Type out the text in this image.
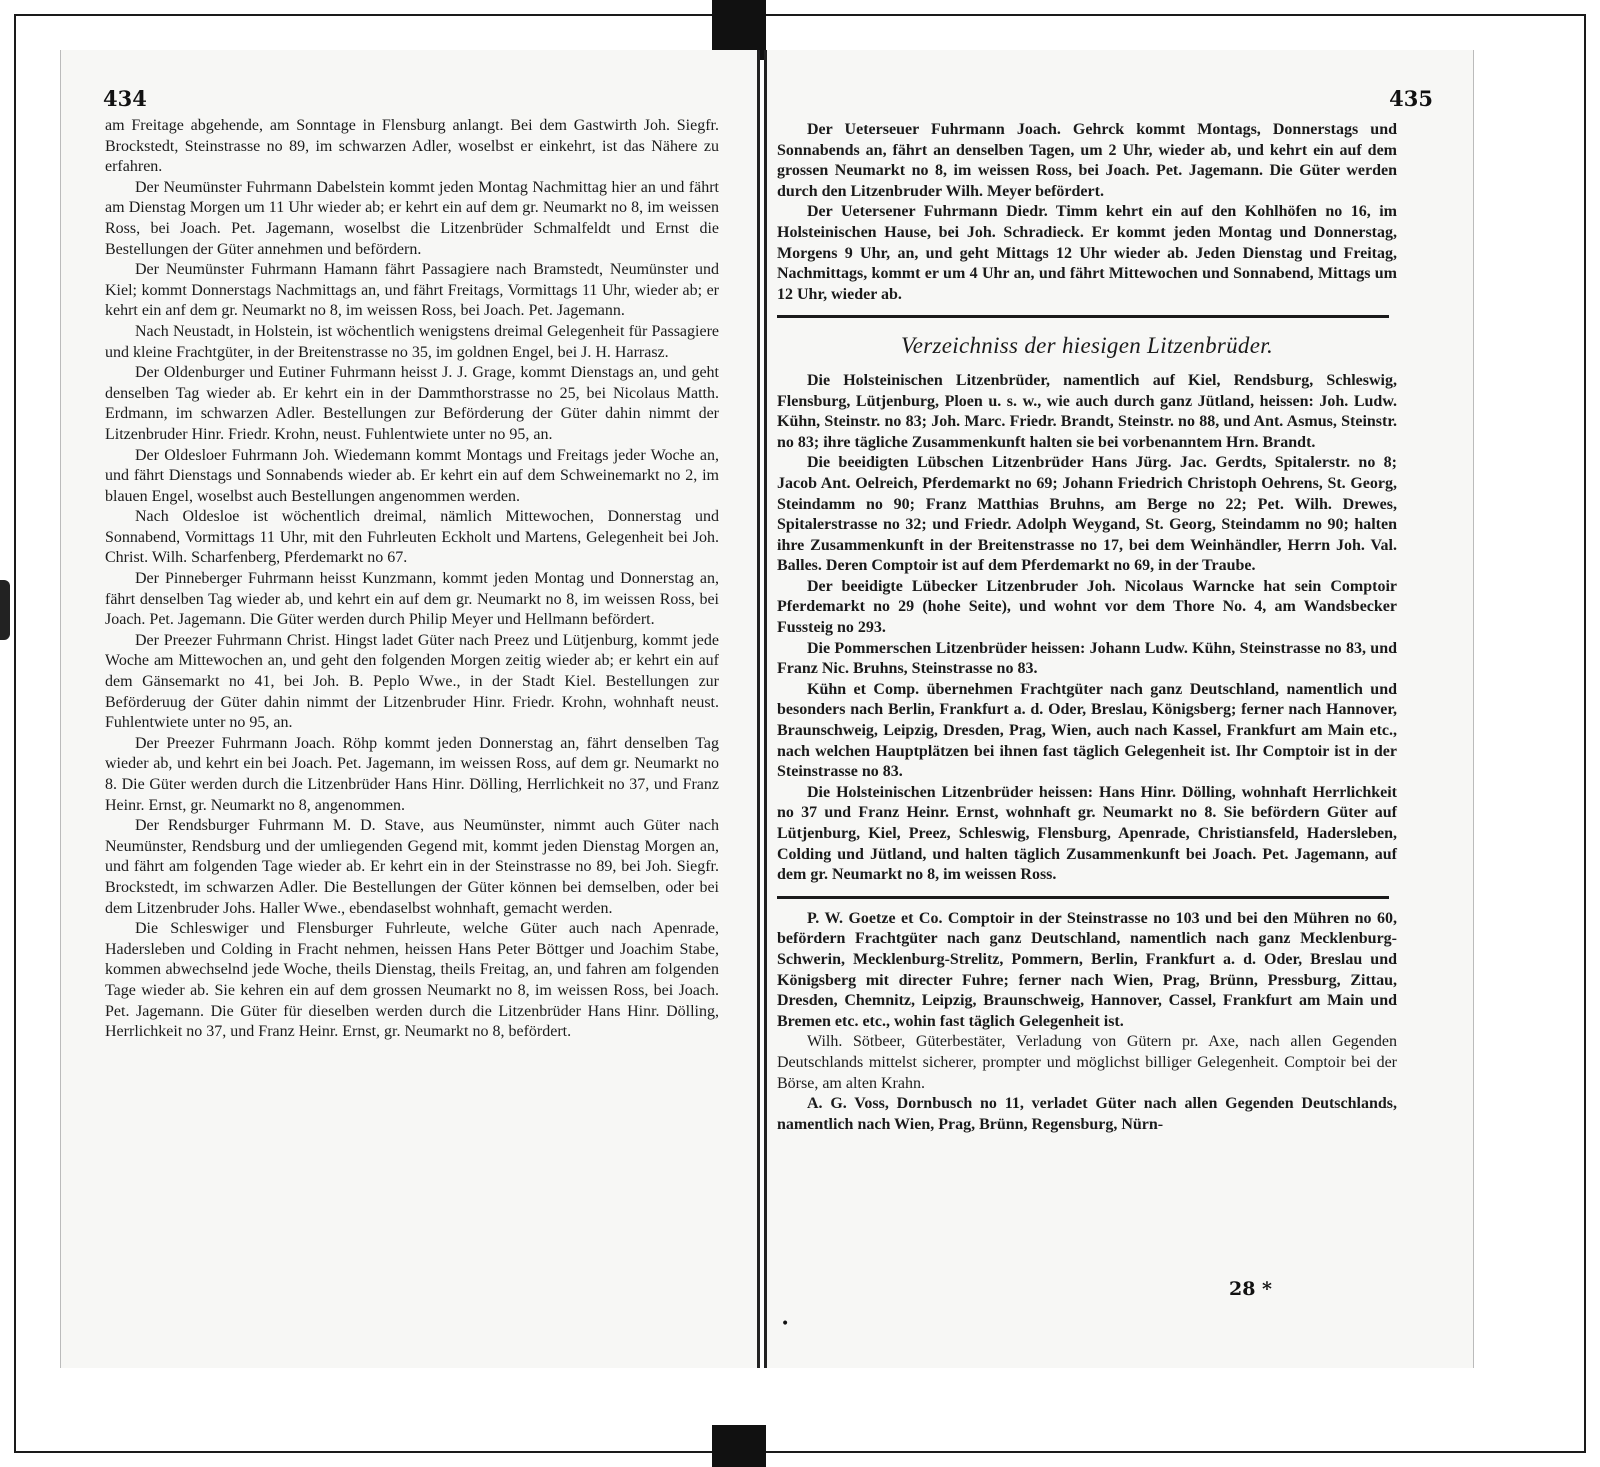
434

am Freitage abgehende, am Sonntage in Flensburg anlangt. Bei dem Gastwirth Joh. Siegfr. Brockstedt, Steinstrasse no 89, im schwarzen Adler, woselbst er einkehrt, ist das Nähere zu erfahren.

Der Neumünster Fuhrmann Dabelstein kommt jeden Montag Nachmittag hier an und fährt am Dienstag Morgen um 11 Uhr wieder ab; er kehrt ein auf dem gr. Neumarkt no 8, im weissen Ross, bei Joach. Pet. Jagemann, woselbst die Litzenbrüder Schmalfeldt und Ernst die Bestellungen der Güter annehmen und befördern.

Der Neumünster Fuhrmann Hamann fährt Passagiere nach Bramstedt, Neumünster und Kiel; kommt Donnerstags Nachmittags an, und fährt Freitags, Vormittags 11 Uhr, wieder ab; er kehrt ein anf dem gr. Neumarkt no 8, im weissen Ross, bei Joach. Pet. Jagemann.

Nach Neustadt, in Holstein, ist wöchentlich wenigstens dreimal Gelegenheit für Passagiere und kleine Frachtgüter, in der Breitenstrasse no 35, im goldnen Engel, bei J. H. Harrasz.

Der Oldenburger und Eutiner Fuhrmann heisst J. J. Grage, kommt Dienstags an, und geht denselben Tag wieder ab. Er kehrt ein in der Dammthorstrasse no 25, bei Nicolaus Matth. Erdmann, im schwarzen Adler. Bestellungen zur Beförderung der Güter dahin nimmt der Litzenbruder Hinr. Friedr. Krohn, neust. Fuhlentwiete unter no 95, an.

Der Oldesloer Fuhrmann Joh. Wiedemann kommt Montags und Freitags jeder Woche an, und fährt Dienstags und Sonnabends wieder ab. Er kehrt ein auf dem Schweinemarkt no 2, im blauen Engel, woselbst auch Bestellungen angenommen werden.

Nach Oldesloe ist wöchentlich dreimal, nämlich Mittewochen, Donnerstag und Sonnabend, Vormittags 11 Uhr, mit den Fuhrleuten Eckholt und Martens, Gelegenheit bei Joh. Christ. Wilh. Scharfenberg, Pferdemarkt no 67.

Der Pinneberger Fuhrmann heisst Kunzmann, kommt jeden Montag und Donnerstag an, fährt denselben Tag wieder ab, und kehrt ein auf dem gr. Neumarkt no 8, im weissen Ross, bei Joach. Pet. Jagemann. Die Güter werden durch Philip Meyer und Hellmann befördert.

Der Preezer Fuhrmann Christ. Hingst ladet Güter nach Preez und Lütjenburg, kommt jede Woche am Mittewochen an, und geht den folgenden Morgen zeitig wieder ab; er kehrt ein auf dem Gänsemarkt no 41, bei Joh. B. Peplo Wwe., in der Stadt Kiel. Bestellungen zur Beförderuug der Güter dahin nimmt der Litzenbruder Hinr. Friedr. Krohn, wohnhaft neust. Fuhlentwiete unter no 95, an.

Der Preezer Fuhrmann Joach. Röhp kommt jeden Donnerstag an, fährt denselben Tag wieder ab, und kehrt ein bei Joach. Pet. Jagemann, im weissen Ross, auf dem gr. Neumarkt no 8. Die Güter werden durch die Litzenbrüder Hans Hinr. Dölling, Herrlichkeit no 37, und Franz Heinr. Ernst, gr. Neumarkt no 8, angenommen.

Der Rendsburger Fuhrmann M. D. Stave, aus Neumünster, nimmt auch Güter nach Neumünster, Rendsburg und der umliegenden Gegend mit, kommt jeden Dienstag Morgen an, und fährt am folgenden Tage wieder ab. Er kehrt ein in der Steinstrasse no 89, bei Joh. Siegfr. Brockstedt, im schwarzen Adler. Die Bestellungen der Güter können bei demselben, oder bei dem Litzenbruder Johs. Haller Wwe., ebendaselbst wohnhaft, gemacht werden.

Die Schleswiger und Flensburger Fuhrleute, welche Güter auch nach Apenrade, Hadersleben und Colding in Fracht nehmen, heissen Hans Peter Böttger und Joachim Stabe, kommen abwechselnd jede Woche, theils Dienstag, theils Freitag, an, und fahren am folgenden Tage wieder ab. Sie kehren ein auf dem grossen Neumarkt no 8, im weissen Ross, bei Joach. Pet. Jagemann. Die Güter für dieselben werden durch die Litzenbrüder Hans Hinr. Dölling, Herrlichkeit no 37, und Franz Heinr. Ernst, gr. Neumarkt no 8, befördert.

435

Der Ueterseuer Fuhrmann Joach. Gehrck kommt Montags, Donnerstags und Sonnabends an, fährt an denselben Tagen, um 2 Uhr, wieder ab, und kehrt ein auf dem grossen Neumarkt no 8, im weissen Ross, bei Joach. Pet. Jagemann. Die Güter werden durch den Litzenbruder Wilh. Meyer befördert.

Der Uetersener Fuhrmann Diedr. Timm kehrt ein auf den Kohlhöfen no 16, im Holsteinischen Hause, bei Joh. Schradieck. Er kommt jeden Montag und Donnerstag, Morgens 9 Uhr, an, und geht Mittags 12 Uhr wieder ab. Jeden Dienstag und Freitag, Nachmittags, kommt er um 4 Uhr an, und fährt Mittewochen und Sonnabend, Mittags um 12 Uhr, wieder ab.

Verzeichniss der hiesigen Litzenbrüder.

Die Holsteinischen Litzenbrüder, namentlich auf Kiel, Rendsburg, Schleswig, Flensburg, Lütjenburg, Ploen u. s. w., wie auch durch ganz Jütland, heissen: Joh. Ludw. Kühn, Steinstr. no 83; Joh. Marc. Friedr. Brandt, Steinstr. no 88, und Ant. Asmus, Steinstr. no 83; ihre tägliche Zusammenkunft halten sie bei vorbenanntem Hrn. Brandt.

Die beeidigten Lübschen Litzenbrüder Hans Jürg. Jac. Gerdts, Spitalerstr. no 8; Jacob Ant. Oelreich, Pferdemarkt no 69; Johann Friedrich Christoph Oehrens, St. Georg, Steindamm no 90; Franz Matthias Bruhns, am Berge no 22; Pet. Wilh. Drewes, Spitalerstrasse no 32; und Friedr. Adolph Weygand, St. Georg, Steindamm no 90; halten ihre Zusammenkunft in der Breitenstrasse no 17, bei dem Weinhändler, Herrn Joh. Val. Balles. Deren Comptoir ist auf dem Pferdemarkt no 69, in der Traube.

Der beeidigte Lübecker Litzenbruder Joh. Nicolaus Warncke hat sein Comptoir Pferdemarkt no 29 (hohe Seite), und wohnt vor dem Thore No. 4, am Wandsbecker Fussteig no 293.

Die Pommerschen Litzenbrüder heissen: Johann Ludw. Kühn, Steinstrasse no 83, und Franz Nic. Bruhns, Steinstrasse no 83.

Kühn et Comp. übernehmen Frachtgüter nach ganz Deutschland, namentlich und besonders nach Berlin, Frankfurt a. d. Oder, Breslau, Königsberg; ferner nach Hannover, Braunschweig, Leipzig, Dresden, Prag, Wien, auch nach Kassel, Frankfurt am Main etc., nach welchen Hauptplätzen bei ihnen fast täglich Gelegenheit ist. Ihr Comptoir ist in der Steinstrasse no 83.

Die Holsteinischen Litzenbrüder heissen: Hans Hinr. Dölling, wohnhaft Herrlichkeit no 37 und Franz Heinr. Ernst, wohnhaft gr. Neumarkt no 8. Sie befördern Güter auf Lütjenburg, Kiel, Preez, Schleswig, Flensburg, Apenrade, Christiansfeld, Hadersleben, Colding und Jütland, und halten täglich Zusammenkunft bei Joach. Pet. Jagemann, auf dem gr. Neumarkt no 8, im weissen Ross.

P. W. Goetze et Co. Comptoir in der Steinstrasse no 103 und bei den Mühren no 60, befördern Frachtgüter nach ganz Deutschland, namentlich nach ganz Mecklenburg-Schwerin, Mecklenburg-Strelitz, Pommern, Berlin, Frankfurt a. d. Oder, Breslau und Königsberg mit directer Fuhre; ferner nach Wien, Prag, Brünn, Pressburg, Zittau, Dresden, Chemnitz, Leipzig, Braunschweig, Hannover, Cassel, Frankfurt am Main und Bremen etc. etc., wohin fast täglich Gelegenheit ist.

Wilh. Sötbeer, Güterbestäter, Verladung von Gütern pr. Axe, nach allen Gegenden Deutschlands mittelst sicherer, prompter und möglichst billiger Gelegenheit. Comptoir bei der Börse, am alten Krahn.

A. G. Voss, Dornbusch no 11, verladet Güter nach allen Gegenden Deutschlands, namentlich nach Wien, Prag, Brünn, Regensburg, Nürn-

28 *
•
